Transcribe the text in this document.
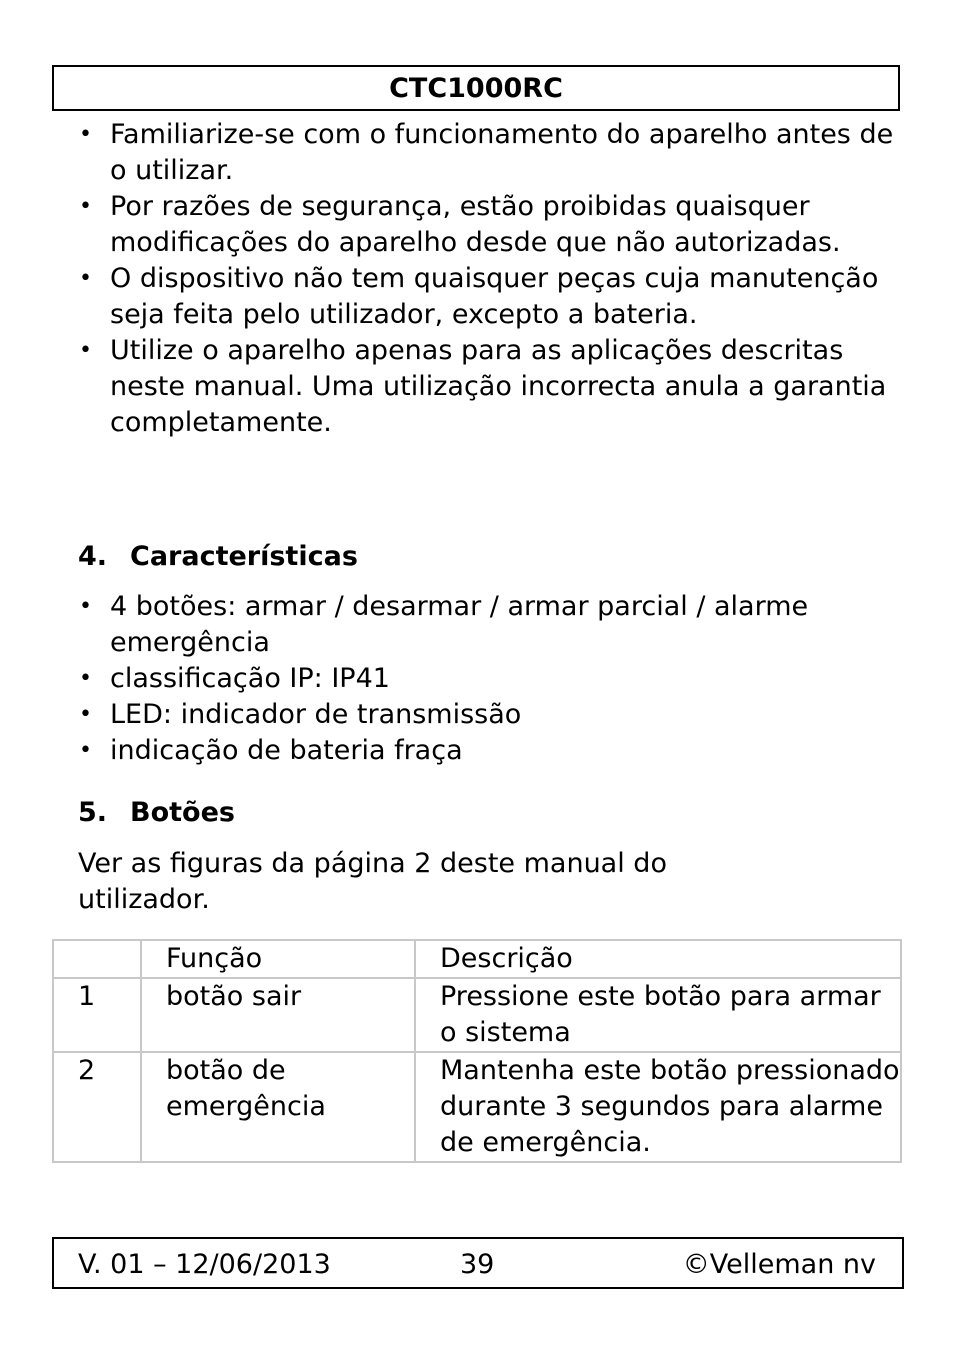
CTC1000RC
• Familiarize-se com o funcionamento do aparelho antes de o utilizar.
• Por razões de segurança, estão proibidas quaisquer modificações do aparelho desde que não autorizadas.
• O dispositivo não tem quaisquer peças cuja manutenção seja feita pelo utilizador, excepto a bateria.
• Utilize o aparelho apenas para as aplicações descritas neste manual. Uma utilização incorrecta anula a garantia completamente.
4. Características
• 4 botões: armar / desarmar / armar parcial / alarme emergência
• classificação IP: IP41
• LED: indicador de transmissão
• indicação de bateria fraça
5. Botões
Ver as figuras da página 2 deste manual do utilizador.
	Função	Descrição
1	botão sair	Pressione este botão para armar o sistema
2	botão de emergência	Mantenha este botão pressionado durante 3 segundos para alarme de emergência.
V. 01 – 12/06/2013	39	©Velleman nv
